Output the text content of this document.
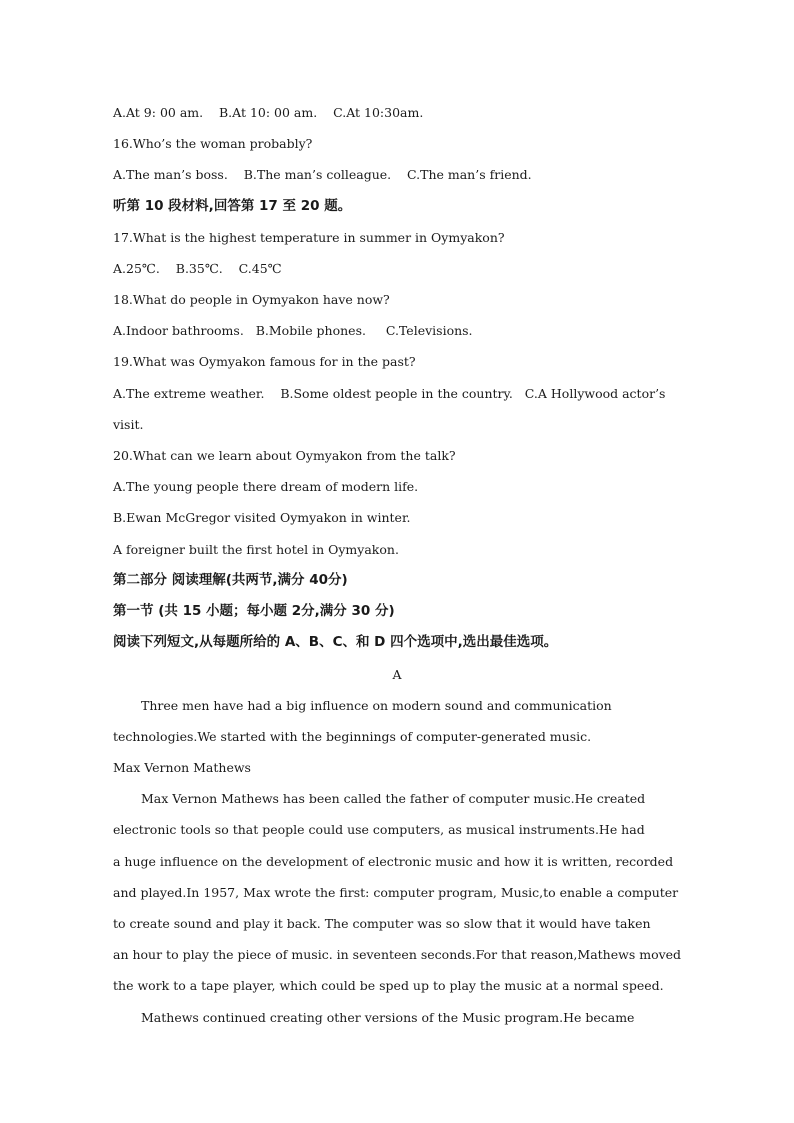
A.At 9: 00 am.    B.At 10: 00 am.    C.At 10:30am.
16.Who’s the woman probably?
A.The man’s boss.    B.The man’s colleague.    C.The man’s friend.
听第 10 段材料,回答第 17 至 20 题。
17.What is the highest temperature in summer in Oymyakon?
A.25℃.    B.35℃.    C.45℃
18.What do people in Oymyakon have now?
A.Indoor bathrooms.   B.Mobile phones.     C.Televisions.
19.What was Oymyakon famous for in the past?
A.The extreme weather.    B.Some oldest people in the country.   C.A Hollywood actor’s
visit.
20.What can we learn about Oymyakon from the talk?
A.The young people there dream of modern life.
B.Ewan McGregor visited Oymyakon in winter.
A foreigner built the first hotel in Oymyakon.
第二部分 阅读理解(共两节,满分 40分)
第一节 (共 15 小题；每小题 2分,满分 30 分)
阅读下列短文,从每题所给的 A、B、C、和 D 四个选项中,选出最佳选项。
A
Three men have had a big influence on modern sound and communication
technologies.We started with the beginnings of computer-generated music.
Max Vernon Mathews
Max Vernon Mathews has been called the father of computer music.He created
electronic tools so that people could use computers, as musical instruments.He had
a huge influence on the development of electronic music and how it is written, recorded
and played.In 1957, Max wrote the first: computer program, Music,to enable a computer
to create sound and play it back. The computer was so slow that it would have taken
an hour to play the piece of music. in seventeen seconds.For that reason,Mathews moved
the work to a tape player, which could be sped up to play the music at a normal speed.
Mathews continued creating other versions of the Music program.He became
